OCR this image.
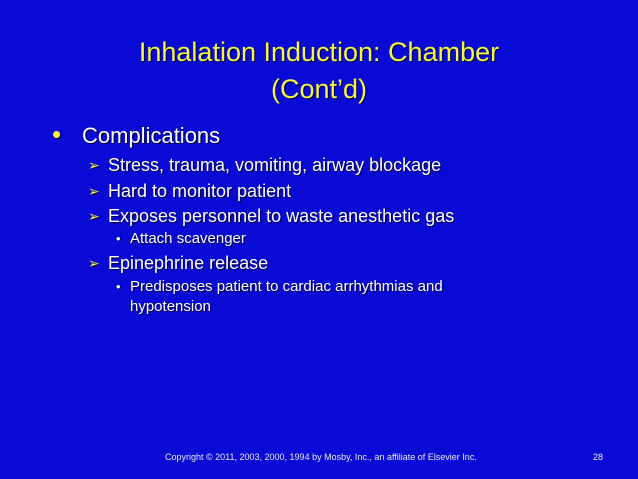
Inhalation Induction: Chamber
(Cont’d)
• Complications
➢ Stress, trauma, vomiting, airway blockage
➢ Hard to monitor patient
➢ Exposes personnel to waste anesthetic gas
• Attach scavenger
➢ Epinephrine release
• Predisposes patient to cardiac arrhythmias and
hypotension
Copyright © 2011, 2003, 2000, 1994 by Mosby, Inc., an affiliate of Elsevier Inc.	28
